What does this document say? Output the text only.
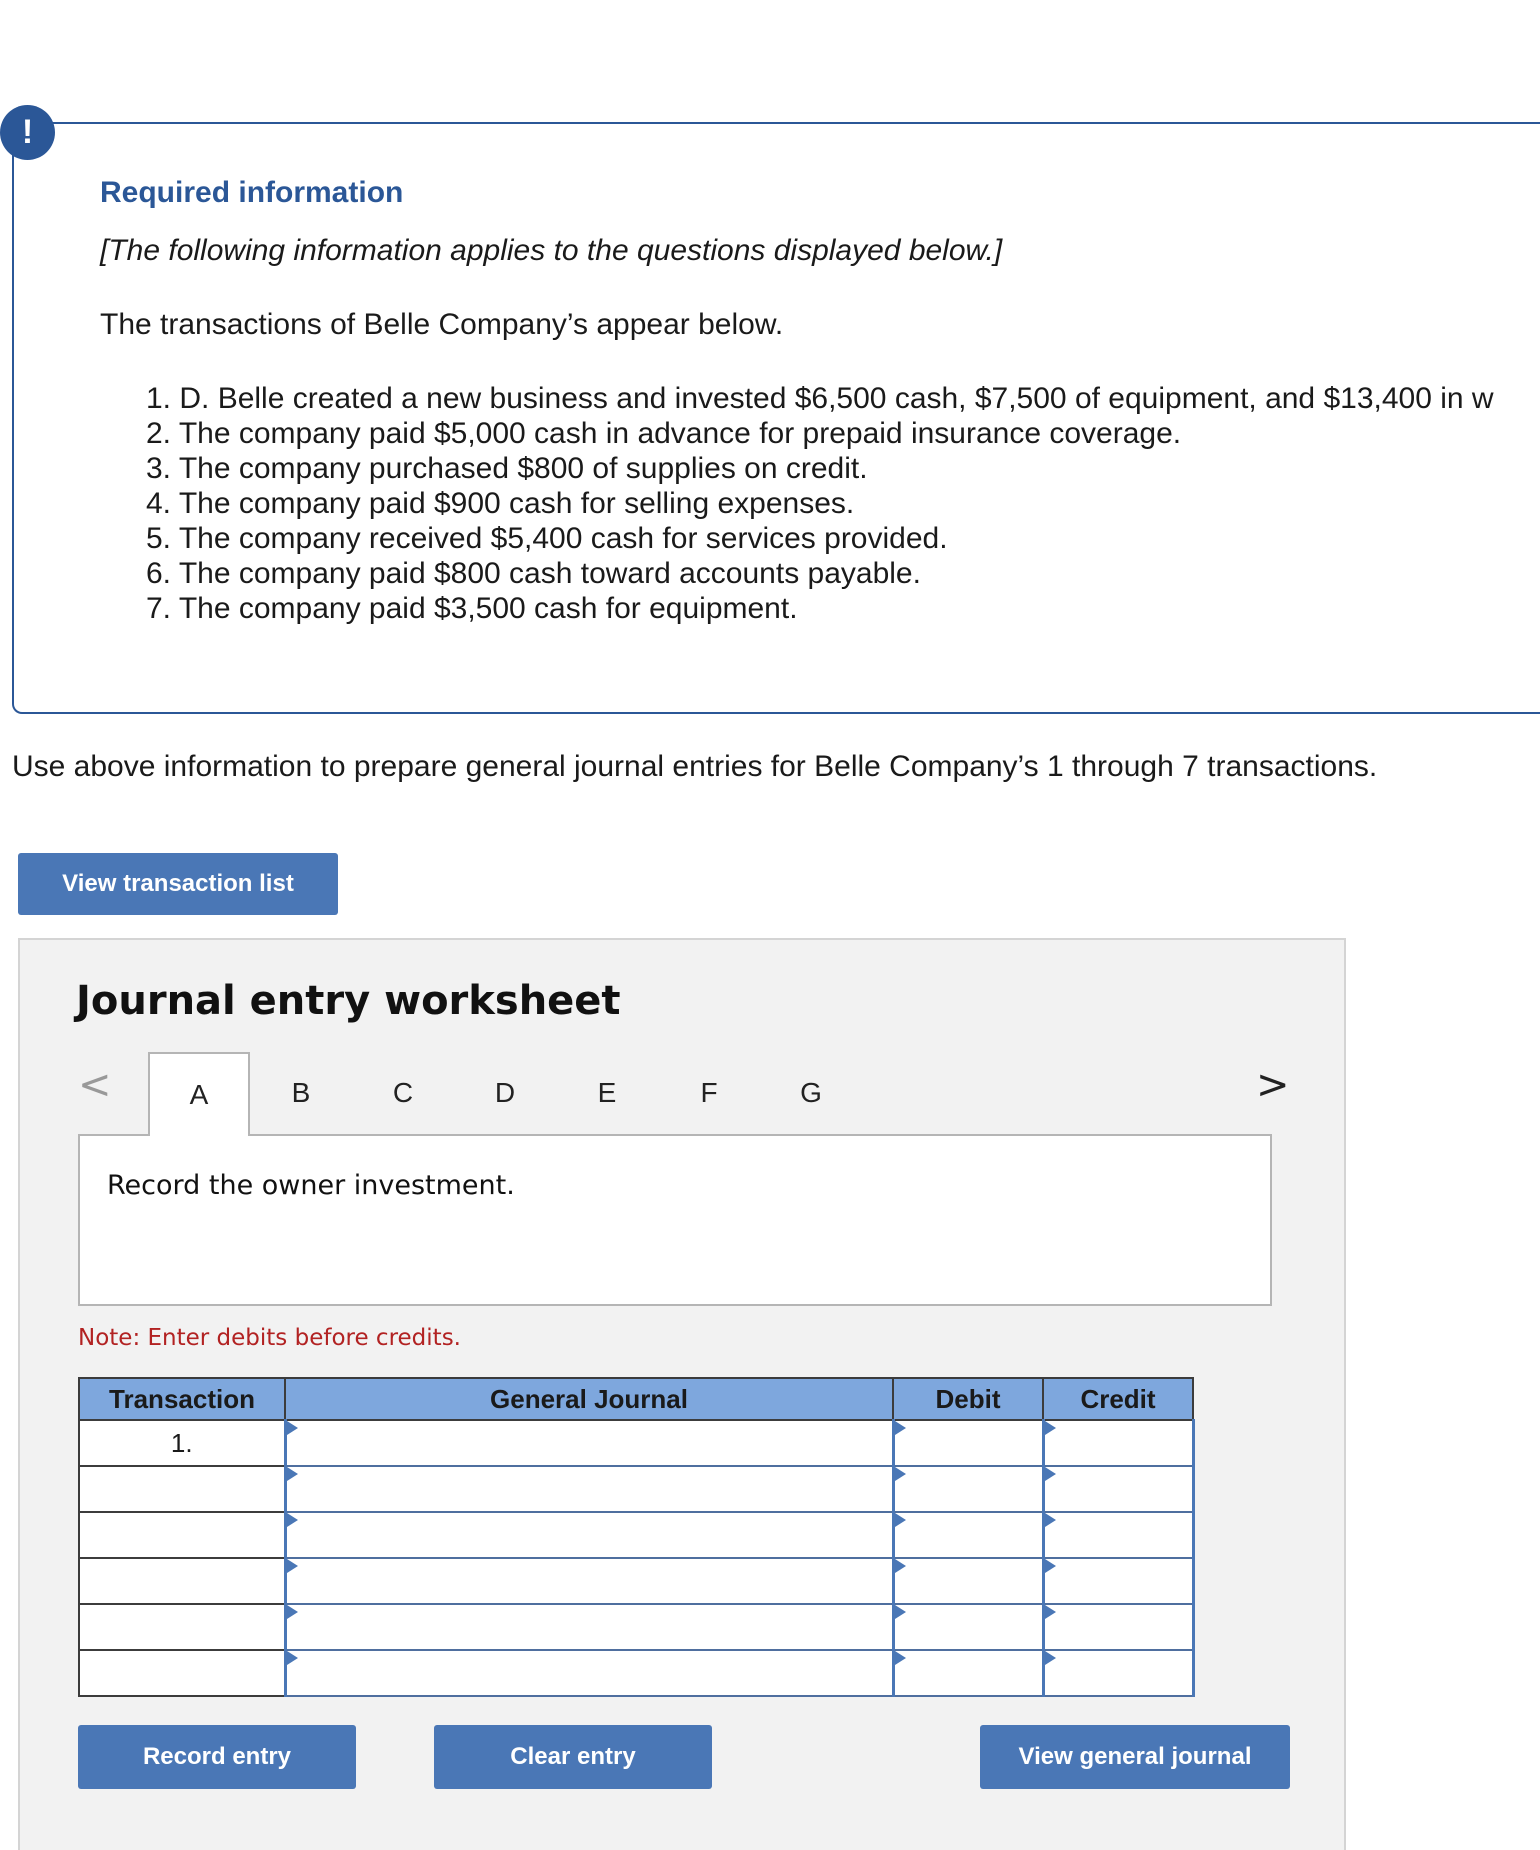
!
Required information
[The following information applies to the questions displayed below.]
The transactions of Belle Company’s appear below.
1. D. Belle created a new business and invested $6,500 cash, $7,500 of equipment, and $13,400 in w
2. The company paid $5,000 cash in advance for prepaid insurance coverage.
3. The company purchased $800 of supplies on credit.
4. The company paid $900 cash for selling expenses.
5. The company received $5,400 cash for services provided.
6. The company paid $800 cash toward accounts payable.
7. The company paid $3,500 cash for equipment.
Use above information to prepare general journal entries for Belle Company’s 1 through 7 transactions.
View transaction list
Journal entry worksheet
<	A	B	C	D	E	F	G	>
Record the owner investment.
Note: Enter debits before credits.
Transaction	General Journal	Debit	Credit
1.	

Record entry	Clear entry	View general journal
